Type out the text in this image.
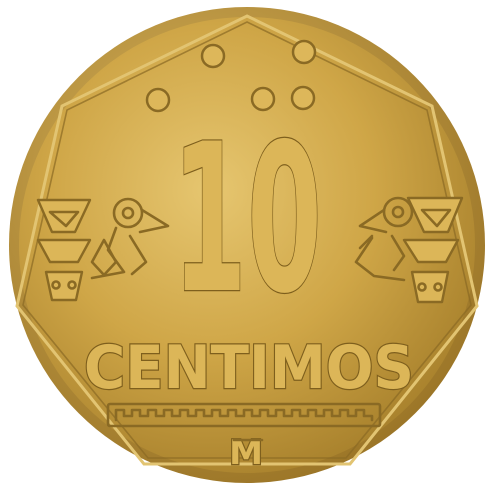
10
CENTIMOS
M
